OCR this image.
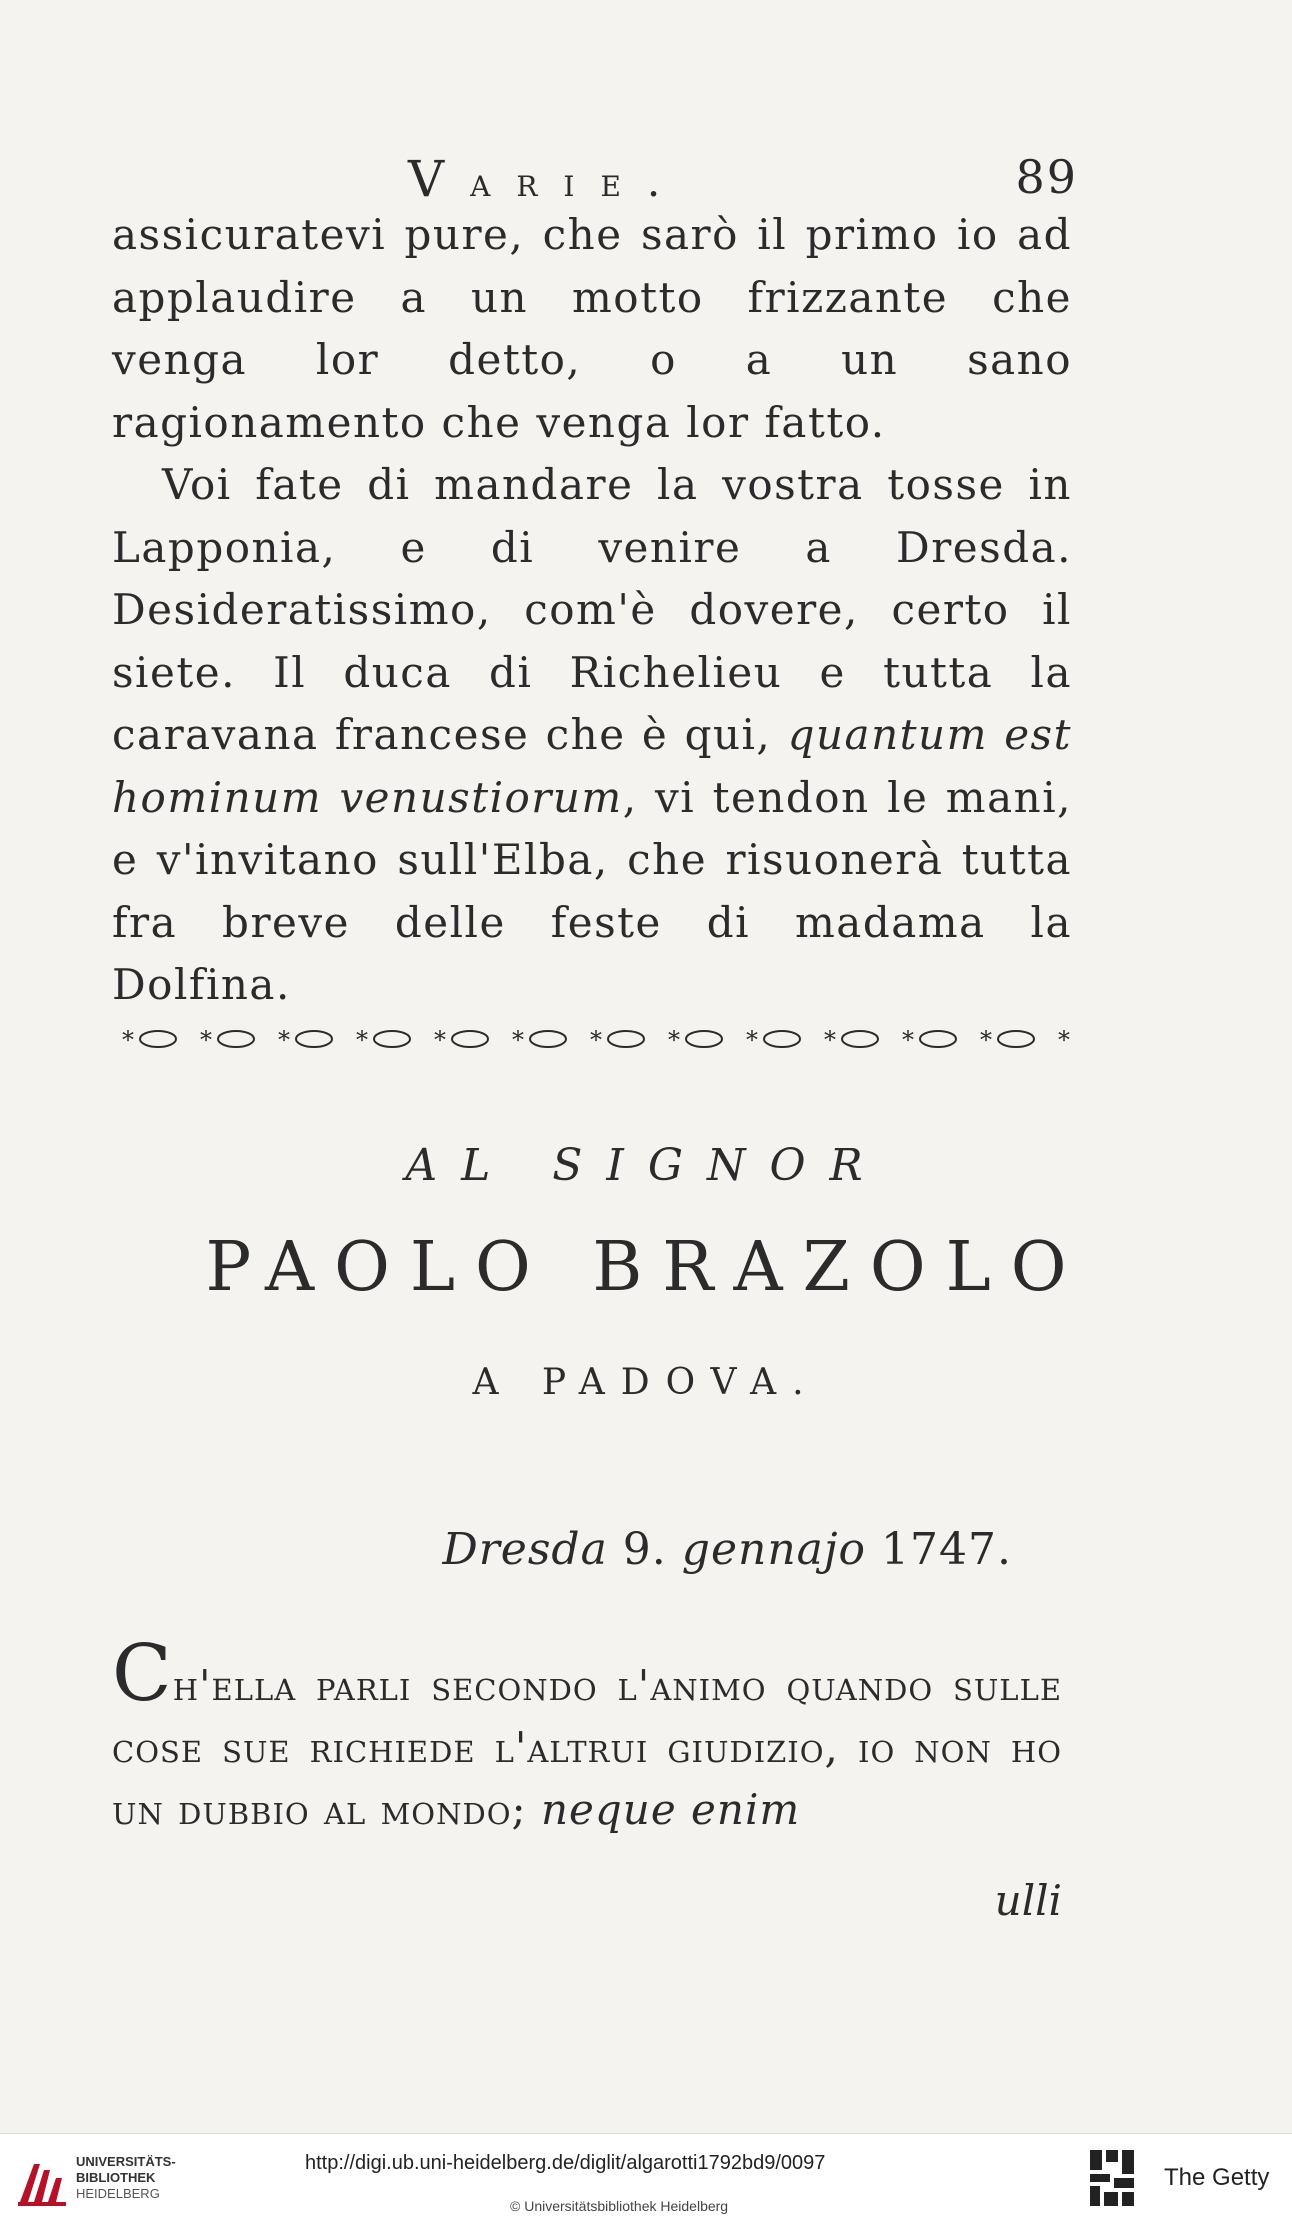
VARIE.	89

assicuratevi pure, che sarò il primo io ad applaudire a un motto frizzante che venga lor detto, o a un sano ragionamento che venga lor fatto.

Voi fate di mandare la vostra tosse in Lapponia, e di venire a Dresda. Desideratissimo, com'è dovere, certo il siete. Il duca di Richelieu e tutta la caravana francese che è qui, quantum est hominum venustiorum, vi tendon le mani, e v'invitano sull'Elba, che risuonerà tutta fra breve delle feste di madama la Dolfina.

*	*	*	*	*	*	*	*	*	*	*	*	*
AL SIGNOR
PAOLO BRAZOLO
A PADOVA.
Dresda 9. gennajo 1747.
Ch'ella parli secondo l'animo quando sulle cose sue richiede l'altrui giudizio, io non ho un dubbio al mondo; neque enim
ulli
UNIVERSITÄTS-
BIBLIOTHEK
HEIDELBERG
http://digi.ub.uni-heidelberg.de/diglit/algarotti1792bd9/0097
© Universitätsbibliothek Heidelberg
The Getty
